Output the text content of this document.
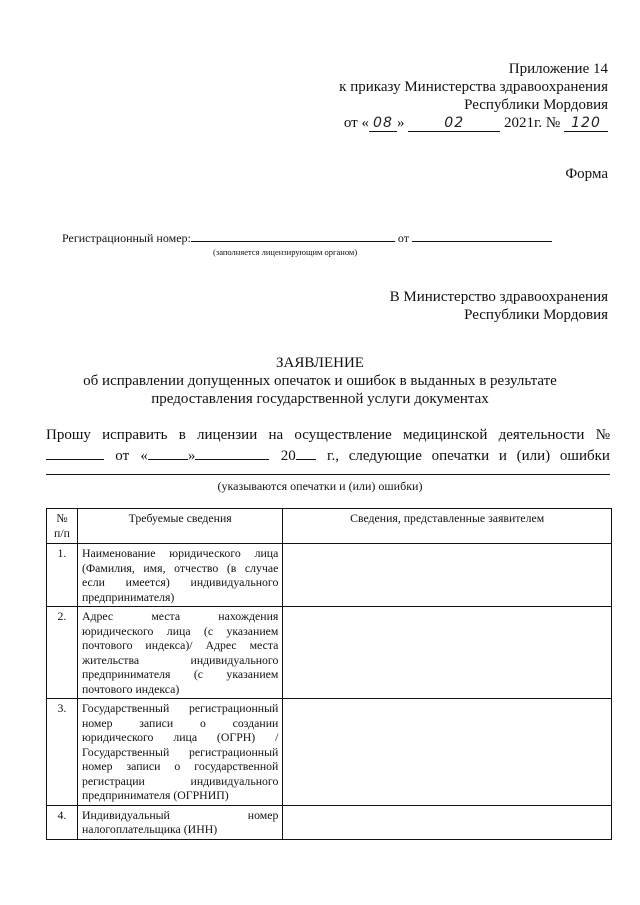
Приложение 14
к приказу Министерства здравоохранения
Республики Мордовия
от « 08 »	02	2021г. № 120
Форма
Регистрационный номер:	от
(заполняется лицензирующим органом)
В Министерство здравоохранения
Республики Мордовия
ЗАЯВЛЕНИЕ
об исправлении допущенных опечаток и ошибок в выданных в результате
предоставления государственной услуги документах
Прошу исправить в лицензии на осуществление медицинской деятельности №
от «	»	20	г., следующие опечатки и (или) ошибки
(указываются опечатки и (или) ошибки)
№ п/п	Требуемые сведения	Сведения, представленные заявителем
1.	Наименование юридического лица (Фамилия, имя, отчество (в случае если имеется) индивидуального предпринимателя)	
2.	Адрес места нахождения юридического лица (с указанием почтового индекса)/ Адрес места жительства индивидуального предпринимателя (с указанием почтового индекса)	
3.	Государственный регистрационный номер записи о создании юридического лица (ОГРН) / Государственный регистрационный номер записи о государственной регистрации индивидуального предпринимателя (ОГРНИП)	
4.	Индивидуальный номер налогоплательщика (ИНН)	
